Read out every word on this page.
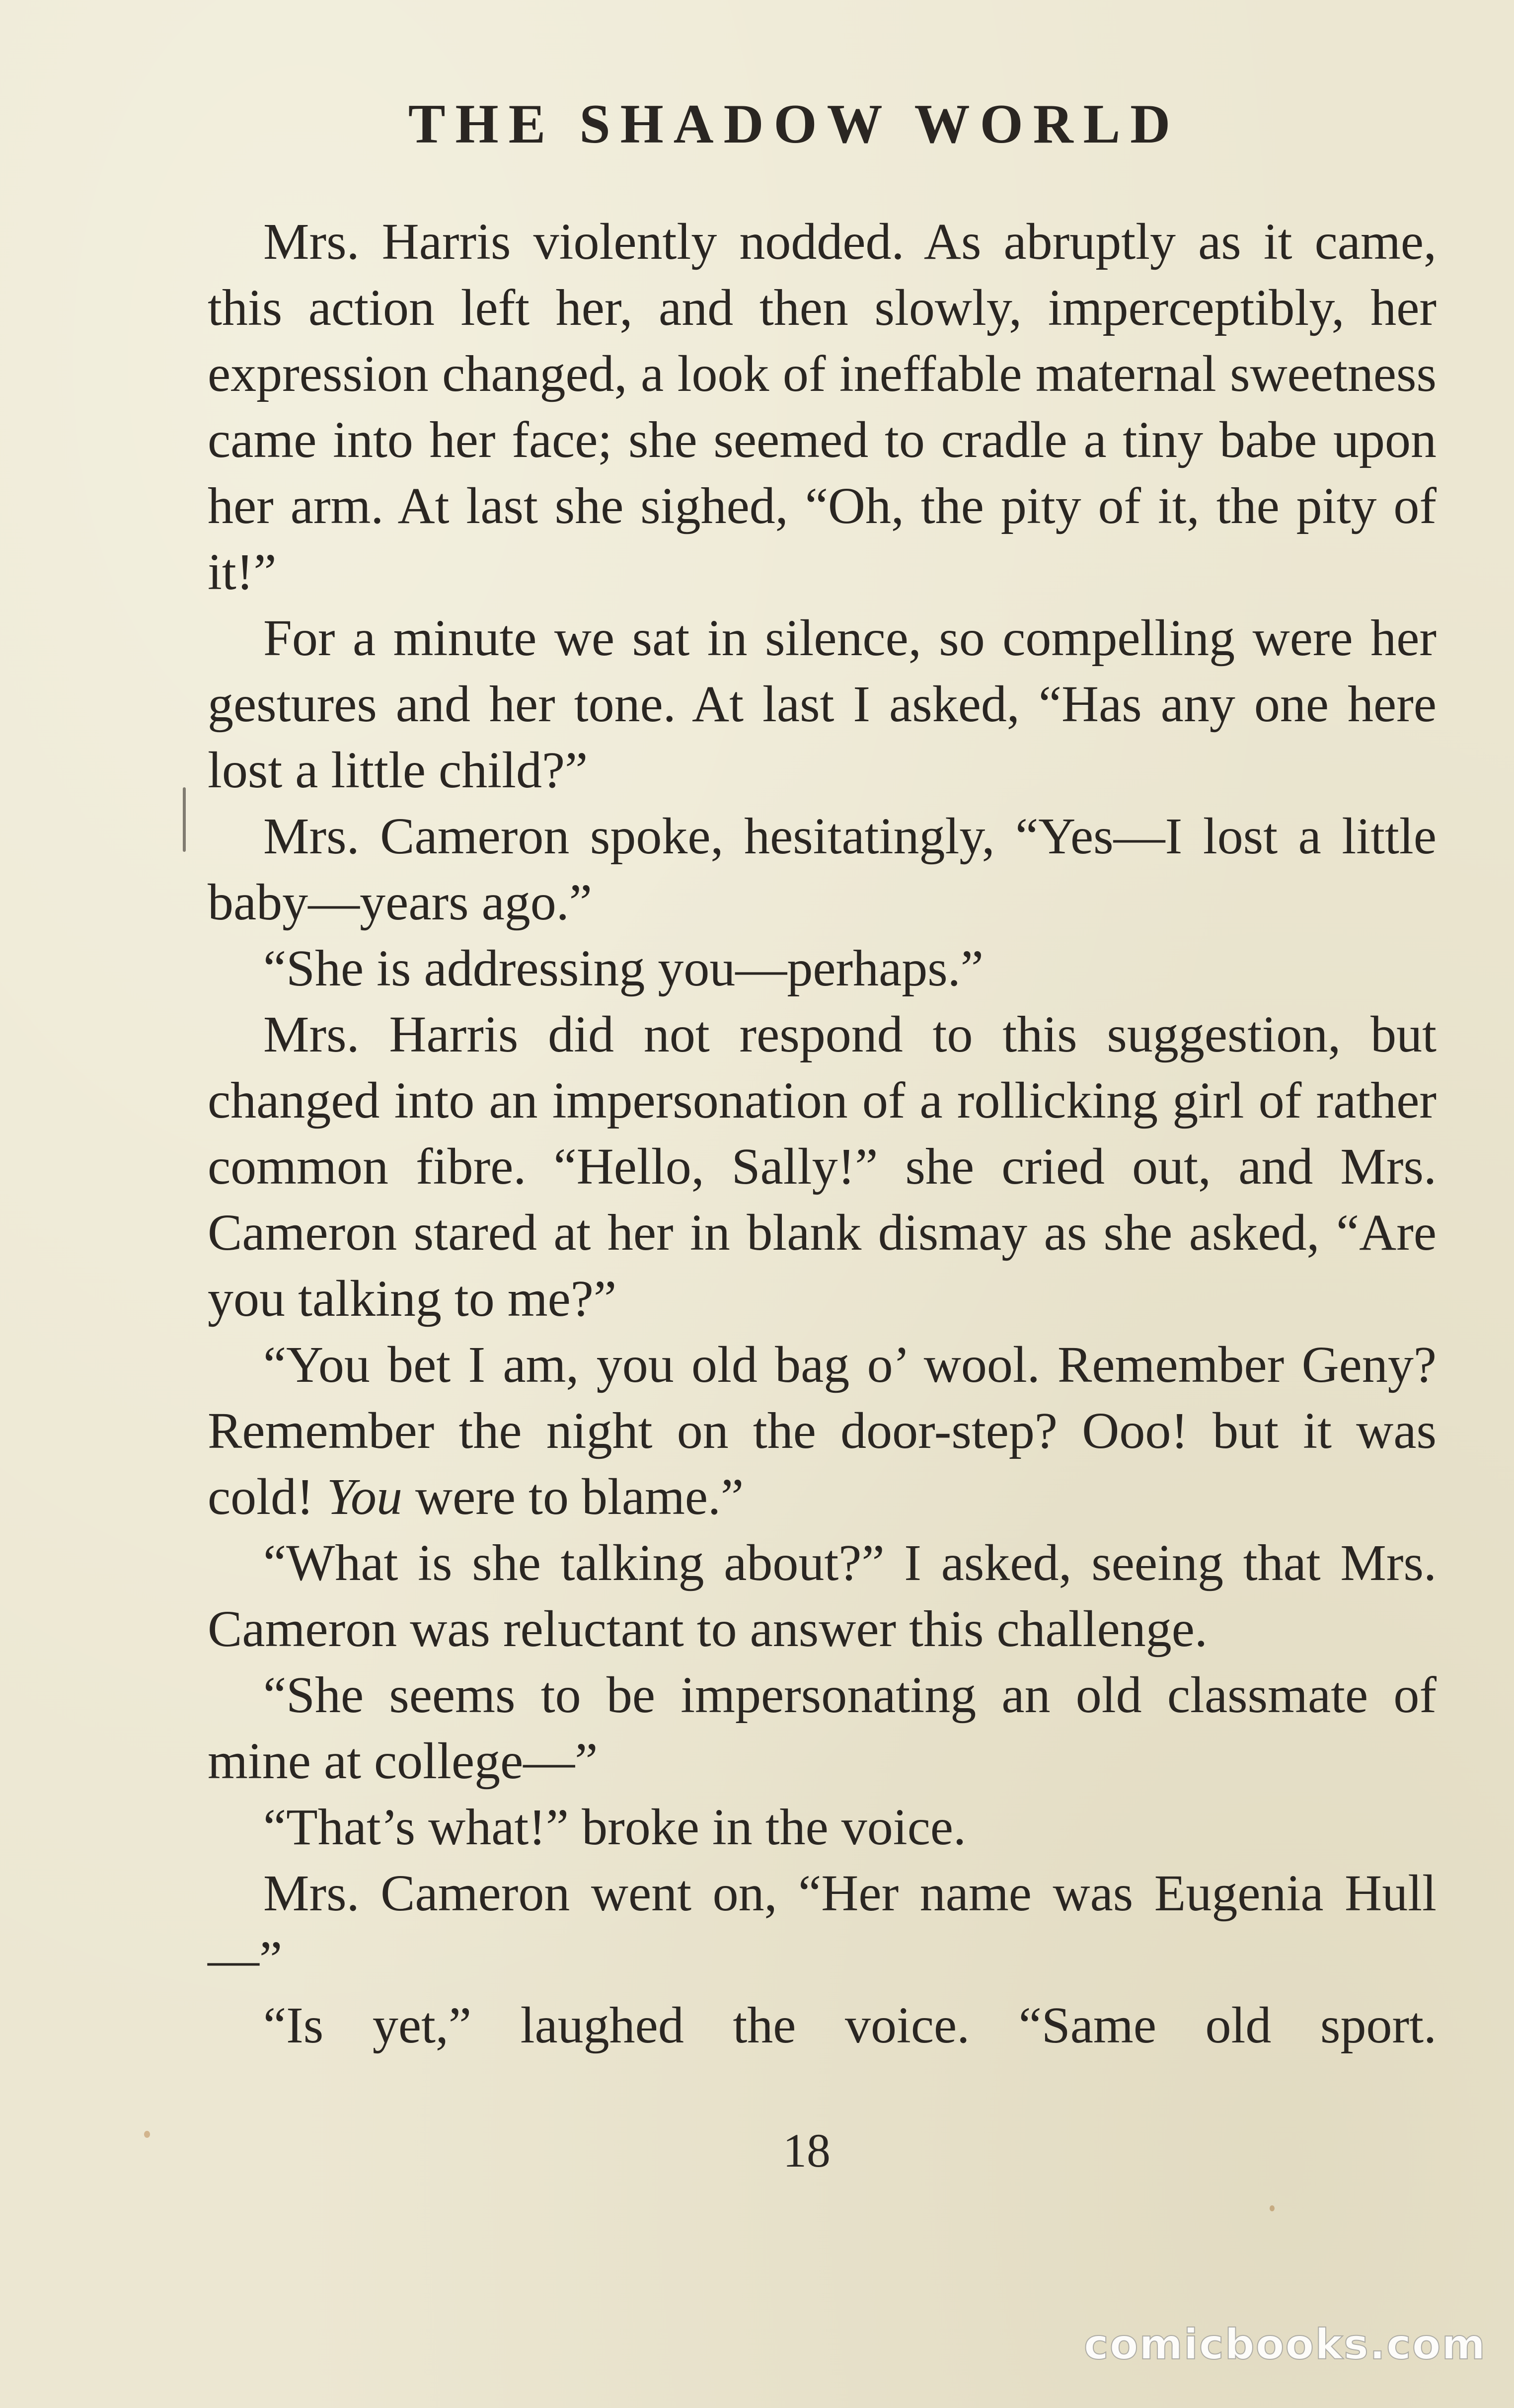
THE SHADOW WORLD

Mrs. Harris violently nodded. As abruptly as it came, this action left her, and then slowly, imperceptibly, her expression changed, a look of ineffable maternal sweetness came into her face; she seemed to cradle a tiny babe upon her arm. At last she sighed, “Oh, the pity of it, the pity of it!”

For a minute we sat in silence, so compelling were her gestures and her tone. At last I asked, “Has any one here lost a little child?”

Mrs. Cameron spoke, hesitatingly, “Yes—I lost a little baby—years ago.”

“She is addressing you—perhaps.”

Mrs. Harris did not respond to this suggestion, but changed into an impersonation of a rollicking girl of rather common fibre. “Hello, Sally!” she cried out, and Mrs. Cameron stared at her in blank dismay as she asked, “Are you talking to me?”

“You bet I am, you old bag o’ wool. Remember Geny? Remember the night on the door-step? Ooo! but it was cold! You were to blame.”

“What is she talking about?” I asked, seeing that Mrs. Cameron was reluctant to answer this challenge.

“She seems to be impersonating an old classmate of mine at college—”

“That’s what!” broke in the voice.

Mrs. Cameron went on, “Her name was Eugenia Hull—”

“Is yet,” laughed the voice. “Same old sport.

18
comicbooks.com
